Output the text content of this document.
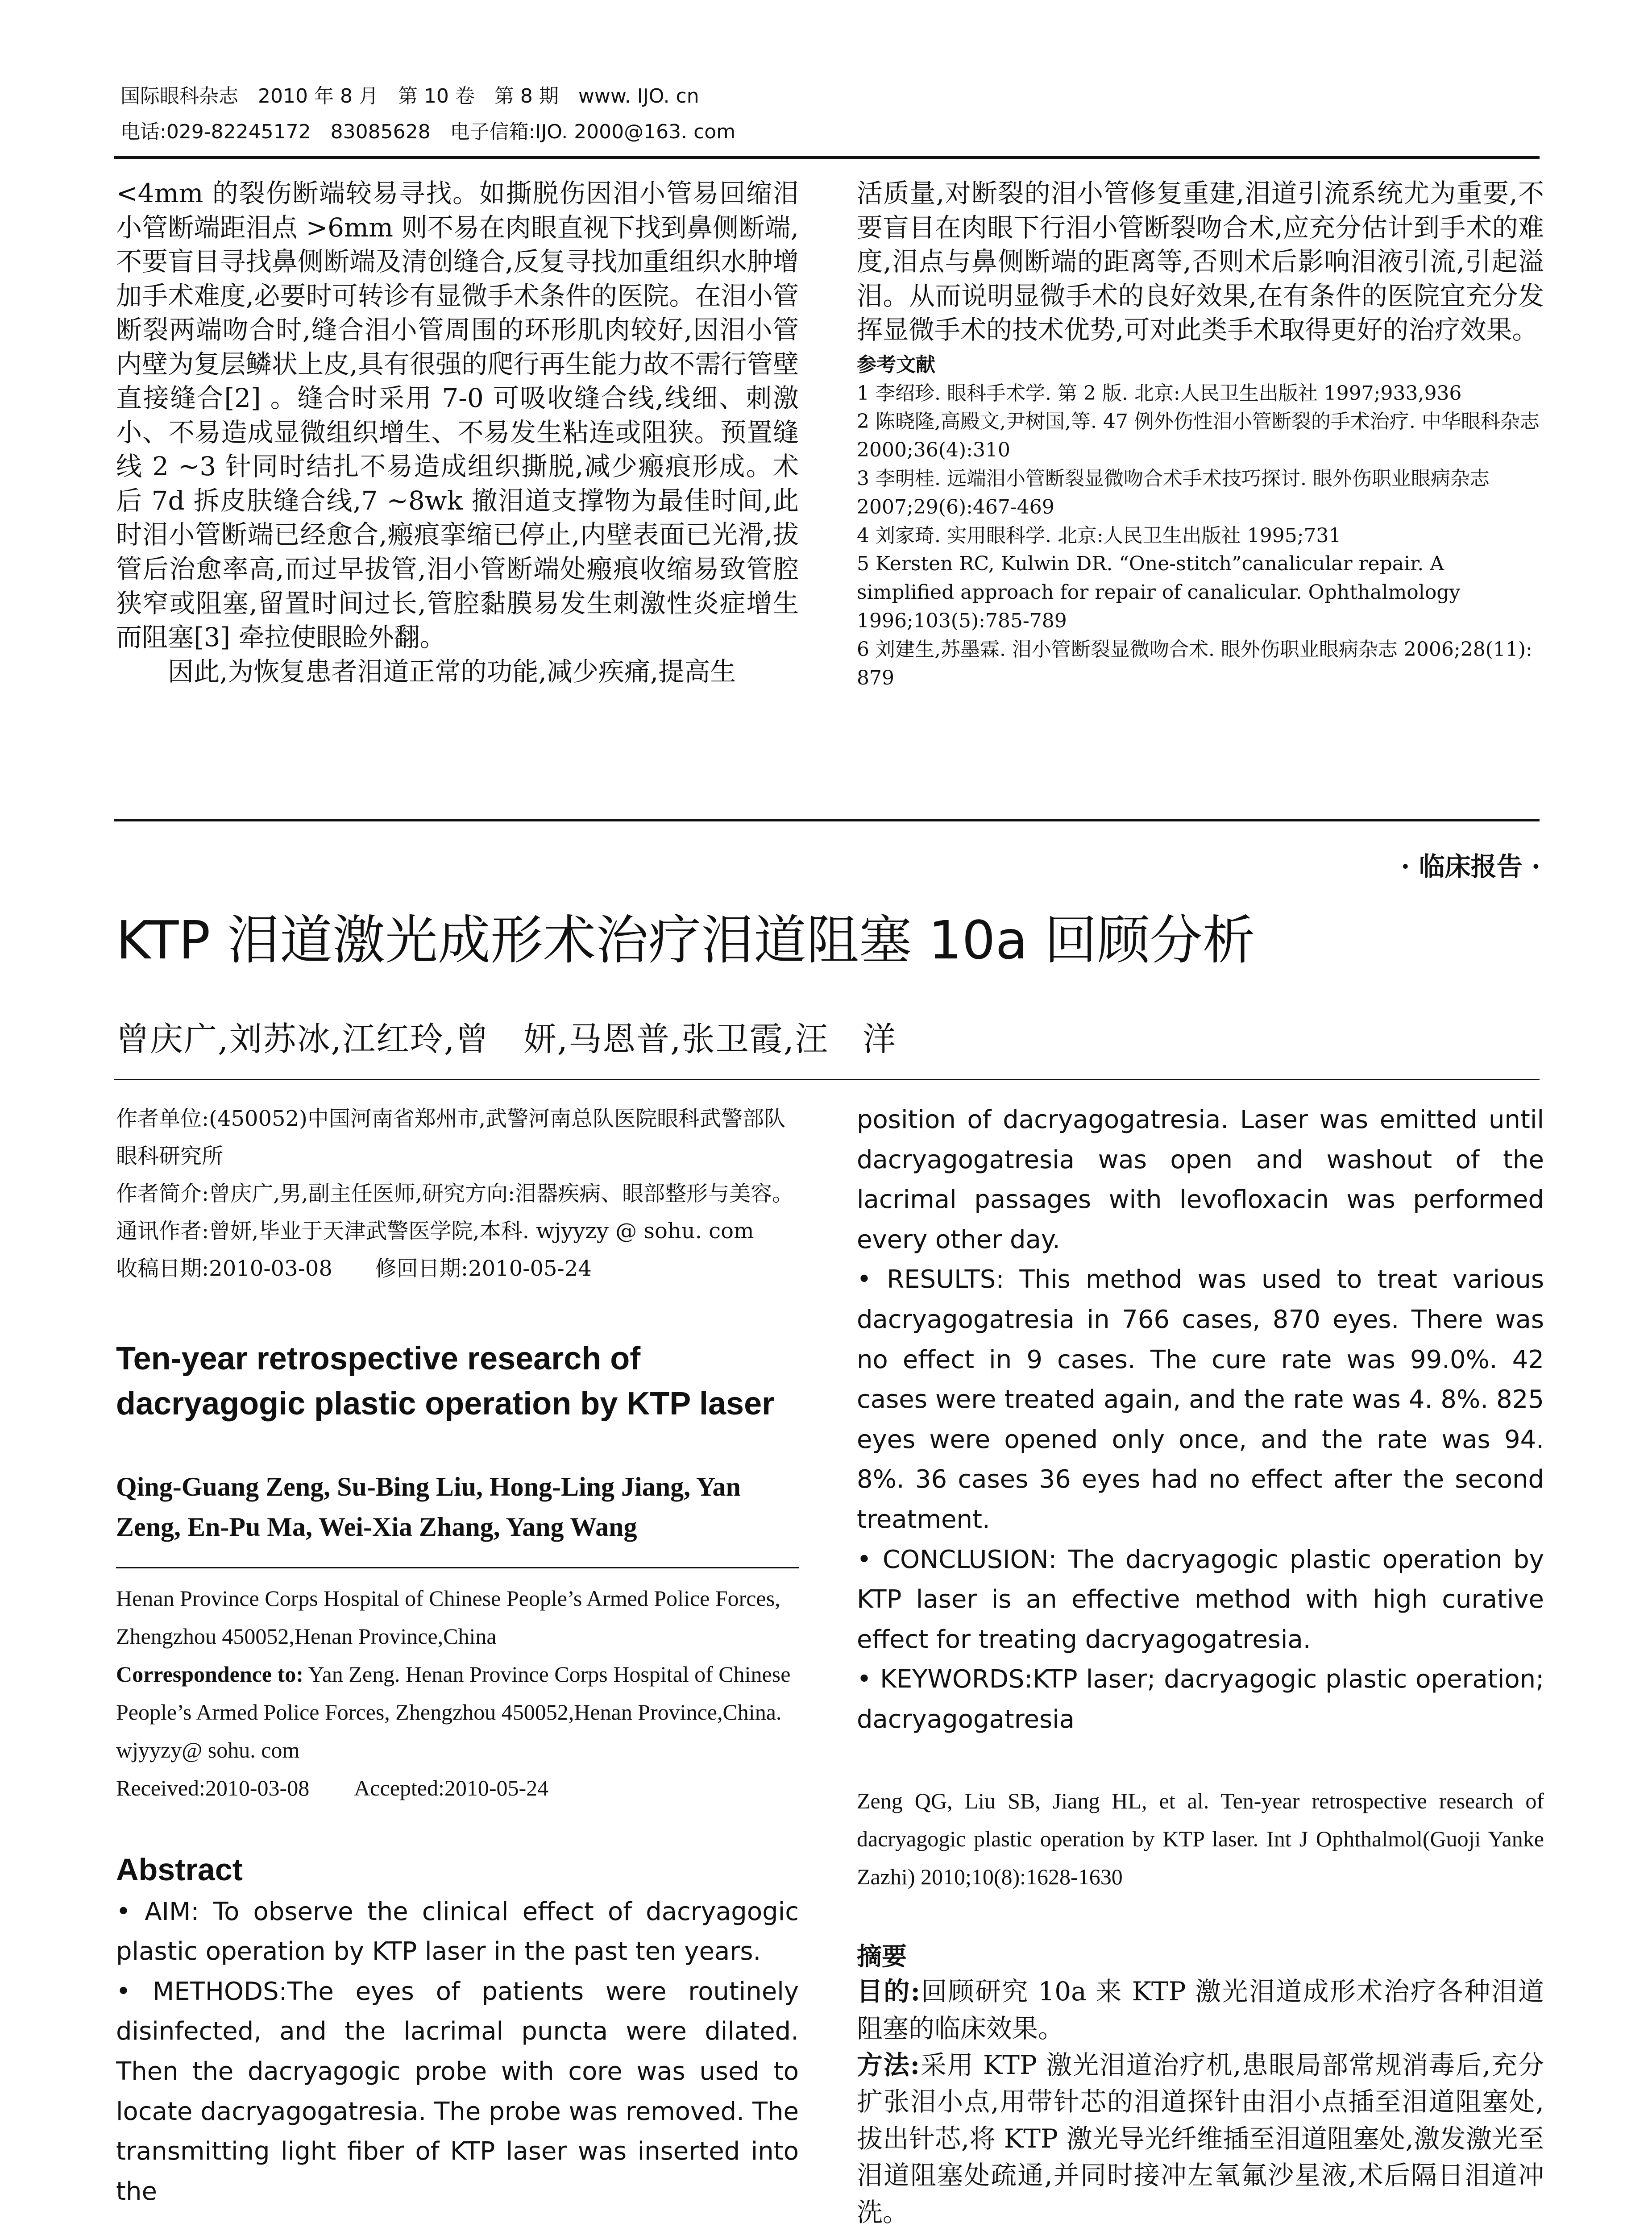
国际眼科杂志　2010 年 8 月　第 10 卷　第 8 期　www. IJO. cn
电话:029-82245172　83085628　电子信箱:IJO. 2000@163. com

<4mm 的裂伤断端较易寻找。如撕脱伤因泪小管易回缩泪小管断端距泪点 >6mm 则不易在肉眼直视下找到鼻侧断端,不要盲目寻找鼻侧断端及清创缝合,反复寻找加重组织水肿增加手术难度,必要时可转诊有显微手术条件的医院。在泪小管断裂两端吻合时,缝合泪小管周围的环形肌肉较好,因泪小管内壁为复层鳞状上皮,具有很强的爬行再生能力故不需行管壁直接缝合[2] 。缝合时采用 7-0 可吸收缝合线,线细、刺激小、不易造成显微组织增生、不易发生粘连或阻狭。预置缝线 2 ~3 针同时结扎不易造成组织撕脱,减少瘢痕形成。术后 7d 拆皮肤缝合线,7 ~8wk 撤泪道支撑物为最佳时间,此时泪小管断端已经愈合,瘢痕挛缩已停止,内壁表面已光滑,拔管后治愈率高,而过早拔管,泪小管断端处瘢痕收缩易致管腔狭窄或阻塞,留置时间过长,管腔黏膜易发生刺激性炎症增生而阻塞[3] 牵拉使眼睑外翻。

因此,为恢复患者泪道正常的功能,减少疾痛,提高生

活质量,对断裂的泪小管修复重建,泪道引流系统尤为重要,不要盲目在肉眼下行泪小管断裂吻合术,应充分估计到手术的难度,泪点与鼻侧断端的距离等,否则术后影响泪液引流,引起溢泪。从而说明显微手术的良好效果,在有条件的医院宜充分发挥显微手术的技术优势,可对此类手术取得更好的治疗效果。

参考文献

1 李绍珍. 眼科手术学. 第 2 版. 北京:人民卫生出版社 1997;933,936

2 陈晓隆,高殿文,尹树国,等. 47 例外伤性泪小管断裂的手术治疗. 中华眼科杂志 2000;36(4):310

3 李明桂. 远端泪小管断裂显微吻合术手术技巧探讨. 眼外伤职业眼病杂志 2007;29(6):467-469

4 刘家琦. 实用眼科学. 北京:人民卫生出版社 1995;731

5 Kersten RC, Kulwin DR. “One-stitch”canalicular repair. A simplified approach for repair of canalicular. Ophthalmology 1996;103(5):785-789

6 刘建生,苏墨霖. 泪小管断裂显微吻合术. 眼外伤职业眼病杂志 2006;28(11): 879

· 临床报告 ·
KTP 泪道激光成形术治疗泪道阻塞 10a 回顾分析
曾庆广,刘苏冰,江红玲,曾　妍,马恩普,张卫霞,汪　洋

作者单位:(450052)中国河南省郑州市,武警河南总队医院眼科武警部队眼科研究所

作者简介:曾庆广,男,副主任医师,研究方向:泪器疾病、眼部整形与美容。

通讯作者:曾妍,毕业于天津武警医学院,本科. wjyyzy @ sohu. com

收稿日期:2010-03-08　　修回日期:2010-05-24

Ten-year retrospective research of dacryagogic plastic operation by KTP laser

Qing-Guang Zeng, Su-Bing Liu, Hong-Ling Jiang, Yan Zeng, En-Pu Ma, Wei-Xia Zhang, Yang Wang

Henan Province Corps Hospital of Chinese People’s Armed Police Forces, Zhengzhou 450052,Henan Province,China

Correspondence to: Yan Zeng. Henan Province Corps Hospital of Chinese People’s Armed Police Forces, Zhengzhou 450052,Henan Province,China. wjyyzy@ sohu. com

Received:2010-03-08　　Accepted:2010-05-24

Abstract

• AIM: To observe the clinical effect of dacryagogic plastic operation by KTP laser in the past ten years.

• METHODS:The eyes of patients were routinely disinfected, and the lacrimal puncta were dilated. Then the dacryagogic probe with core was used to locate dacryagogatresia. The probe was removed. The transmitting light fiber of KTP laser was inserted into the

position of dacryagogatresia. Laser was emitted until dacryagogatresia was open and washout of the lacrimal passages with levofloxacin was performed every other day.

• RESULTS: This method was used to treat various dacryagogatresia in 766 cases, 870 eyes. There was no effect in 9 cases. The cure rate was 99.0%. 42 cases were treated again, and the rate was 4. 8%. 825 eyes were opened only once, and the rate was 94. 8%. 36 cases 36 eyes had no effect after the second treatment.

• CONCLUSION: The dacryagogic plastic operation by KTP laser is an effective method with high curative effect for treating dacryagogatresia.

• KEYWORDS:KTP laser; dacryagogic plastic operation; dacryagogatresia

Zeng QG, Liu SB, Jiang HL, et al. Ten-year retrospective research of dacryagogic plastic operation by KTP laser. Int J Ophthalmol(Guoji Yanke Zazhi) 2010;10(8):1628-1630

摘要

目的:回顾研究 10a 来 KTP 激光泪道成形术治疗各种泪道阻塞的临床效果。

方法:采用 KTP 激光泪道治疗机,患眼局部常规消毒后,充分扩张泪小点,用带针芯的泪道探针由泪小点插至泪道阻塞处,拔出针芯,将 KTP 激光导光纤维插至泪道阻塞处,激发激光至泪道阻塞处疏通,并同时接冲左氧氟沙星液,术后隔日泪道冲洗。
